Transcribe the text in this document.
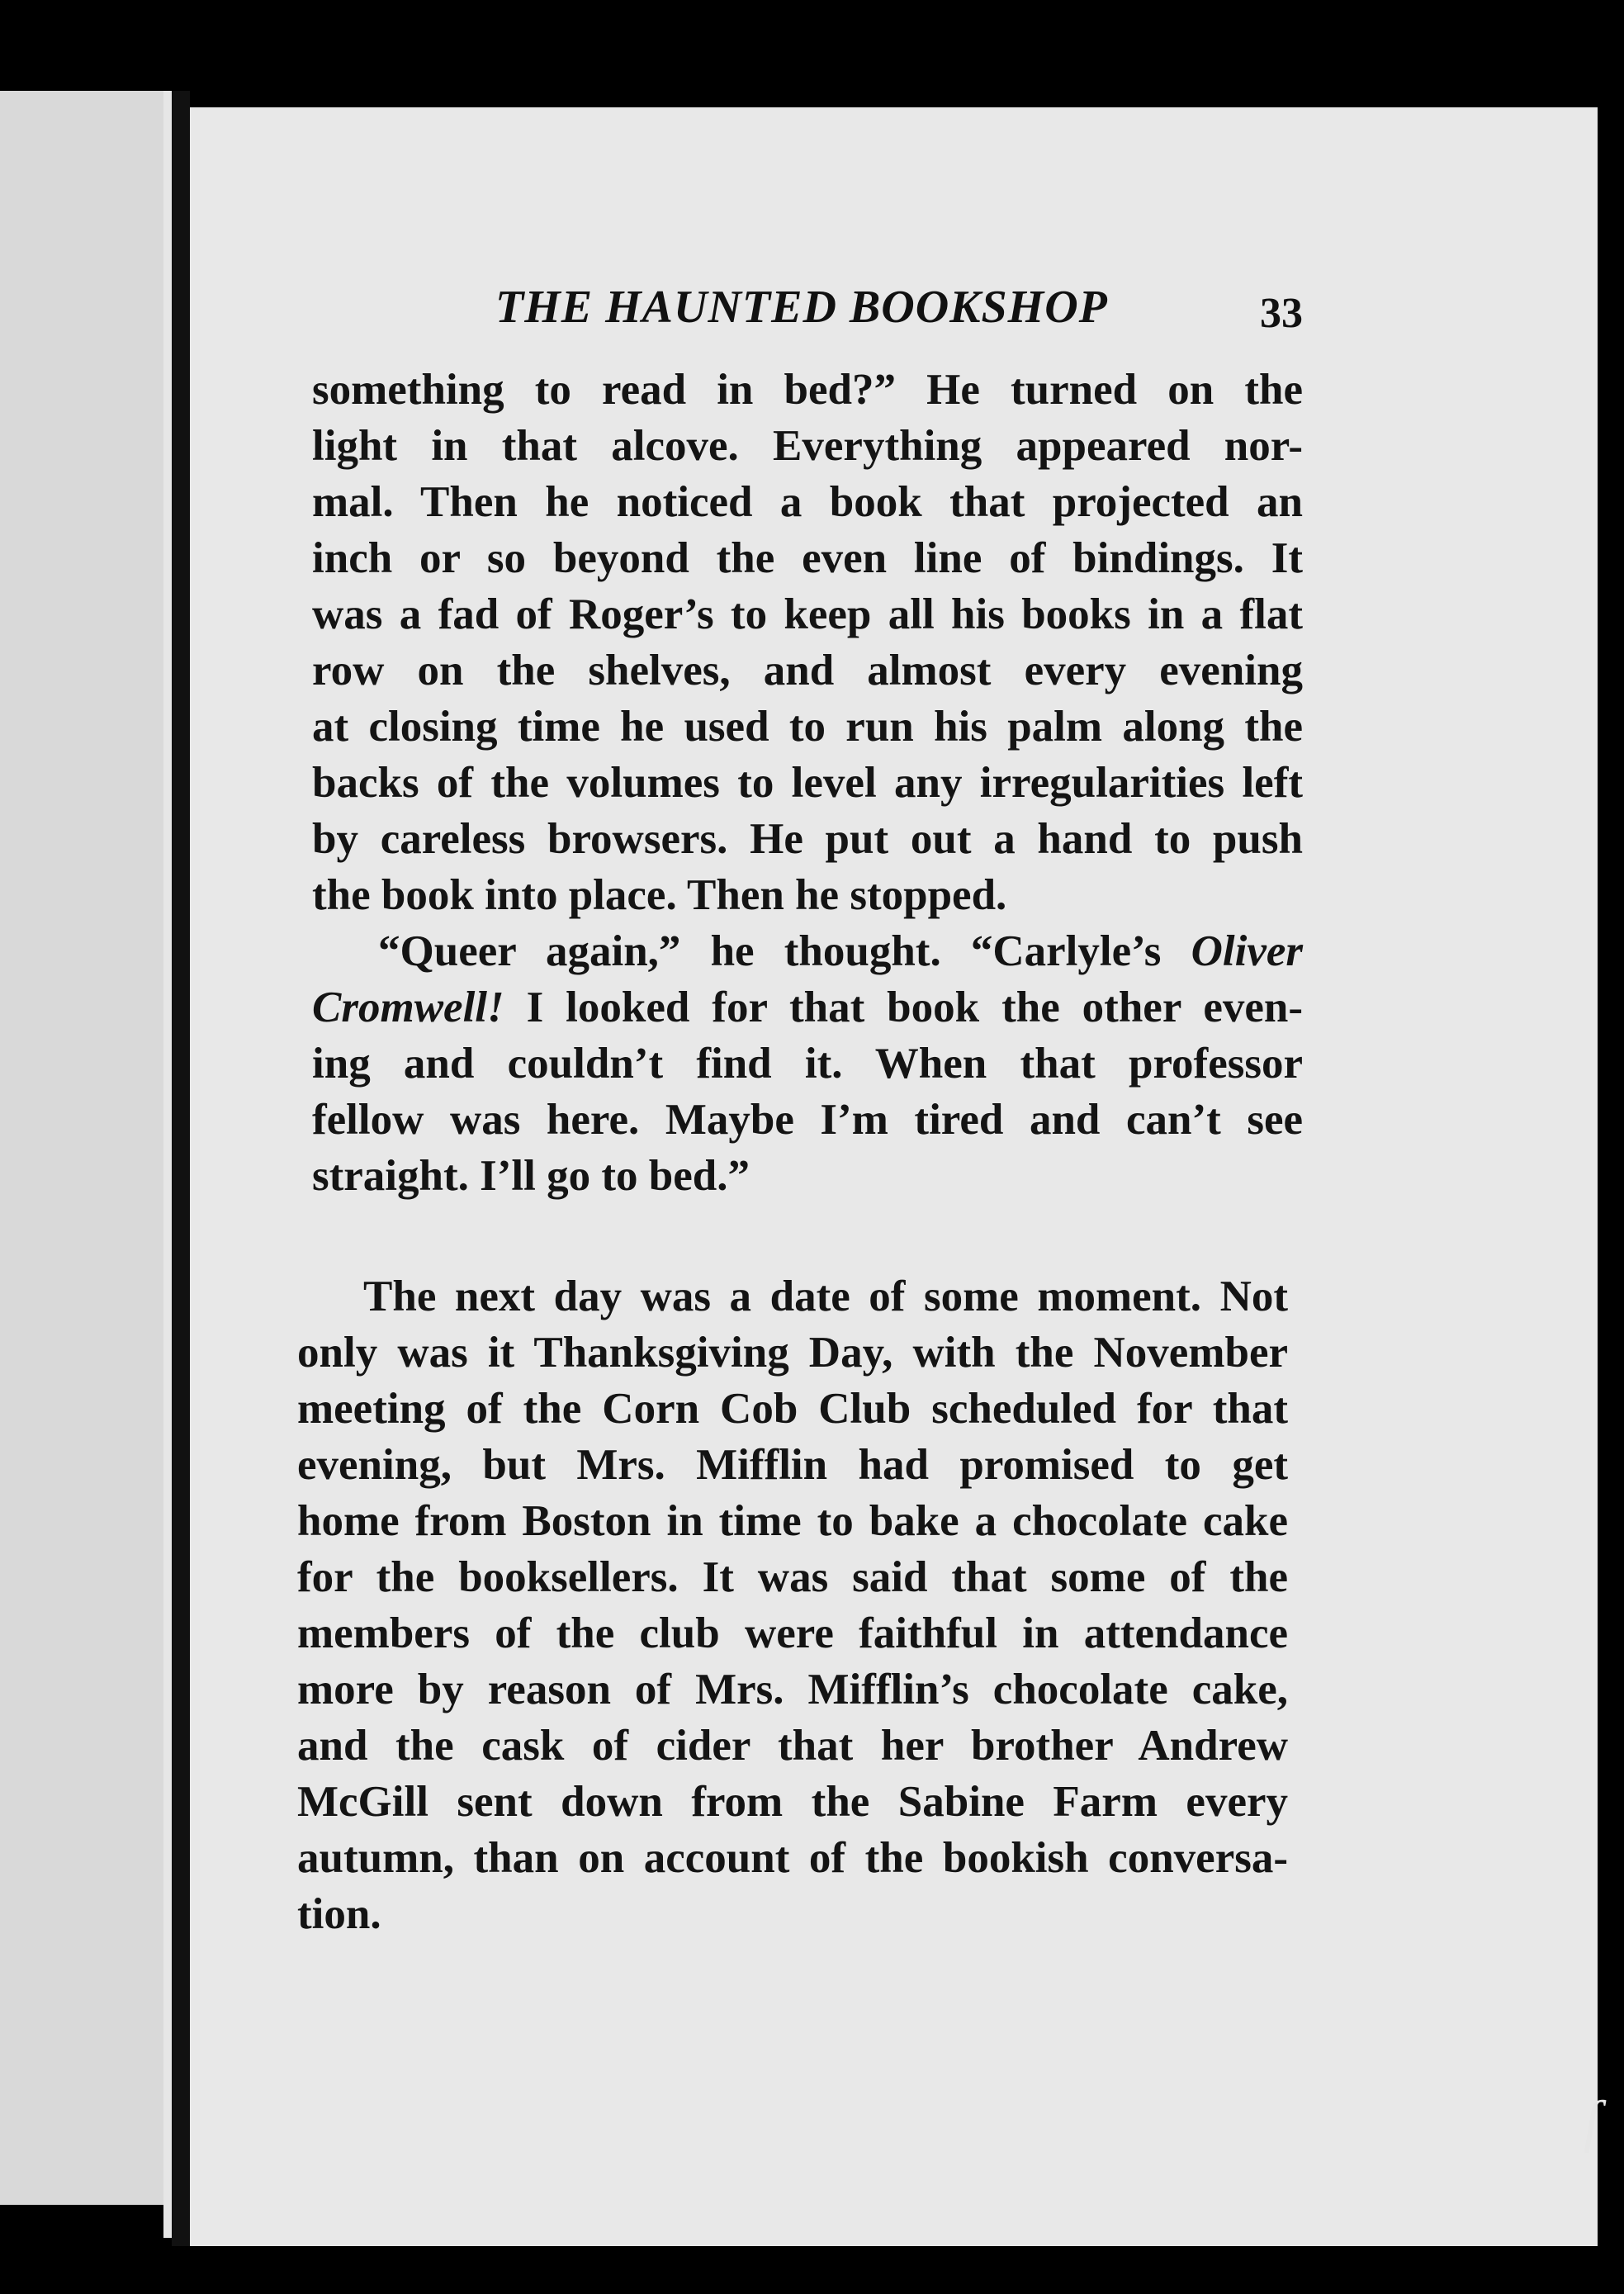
THE HAUNTED BOOKSHOP	33
something to read in bed?” He turned on the
light in that alcove. Everything appeared nor-
mal. Then he noticed a book that projected an
inch or so beyond the even line of bindings. It
was a fad of Roger’s to keep all his books in a flat
row on the shelves, and almost every evening
at closing time he used to run his palm along the
backs of the volumes to level any irregularities left
by careless browsers. He put out a hand to push
the book into place. Then he stopped.
“Queer again,” he thought. “Carlyle’s Oliver
Cromwell! I looked for that book the other even-
ing and couldn’t find it. When that professor
fellow was here. Maybe I’m tired and can’t see
straight. I’ll go to bed.”
The next day was a date of some moment. Not
only was it Thanksgiving Day, with the November
meeting of the Corn Cob Club scheduled for that
evening, but Mrs. Mifflin had promised to get
home from Boston in time to bake a chocolate cake
for the booksellers. It was said that some of the
members of the club were faithful in attendance
more by reason of Mrs. Mifflin’s chocolate cake,
and the cask of cider that her brother Andrew
McGill sent down from the Sabine Farm every
autumn, than on account of the bookish conversa-
tion.
ſ
